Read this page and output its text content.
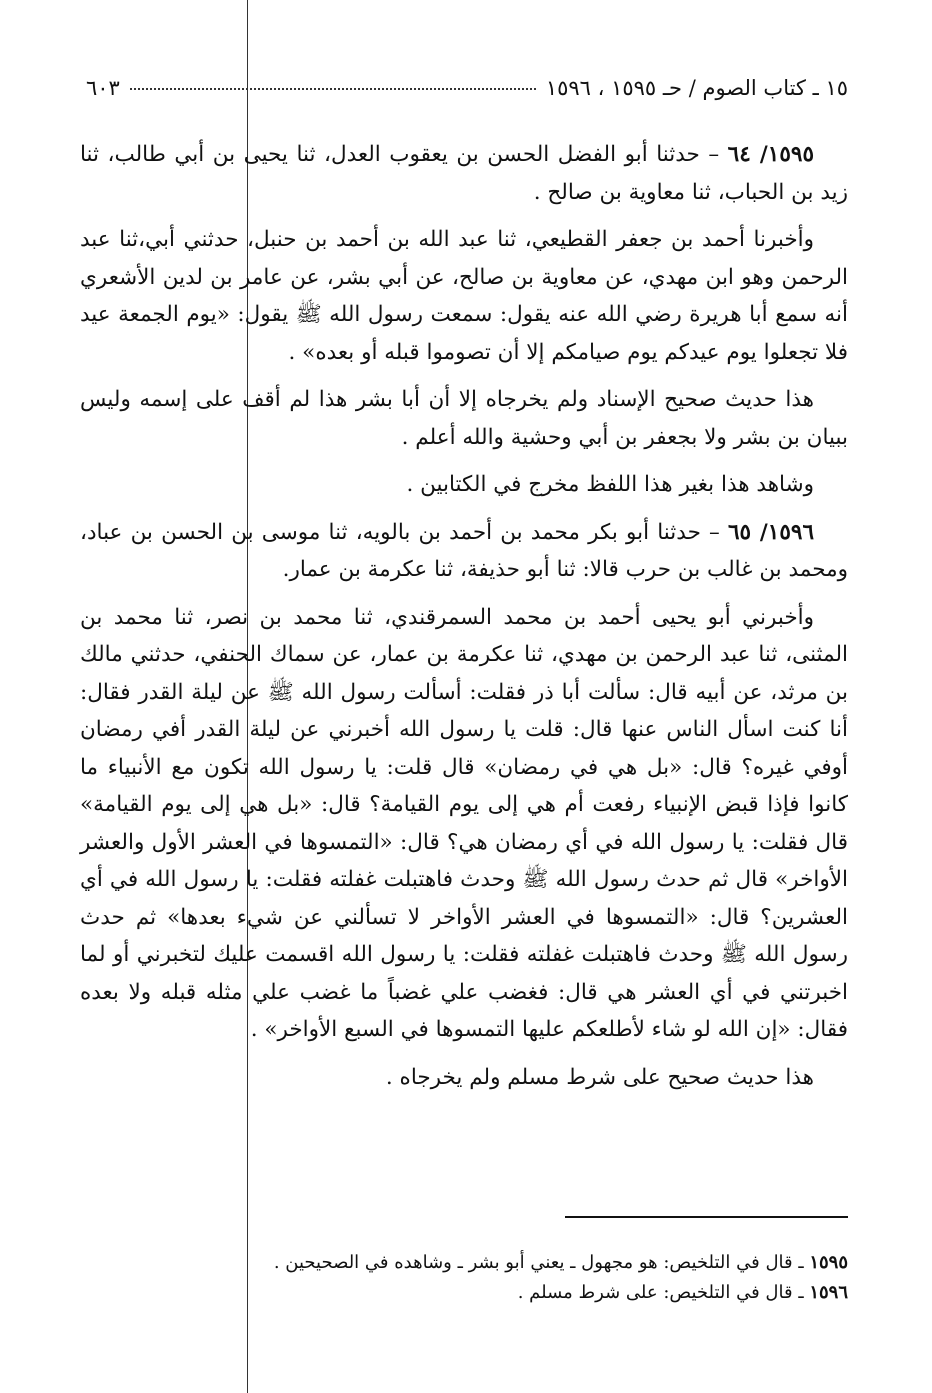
١٥ ـ كتاب الصوم / حـ ١٥٩٥ ، ١٥٩٦
٦٠٣

١٥٩٥/ ٦٤ – حدثنا أبو الفضل الحسن بن يعقوب العدل، ثنا يحيى بن أبي طالب، ثنا زيد بن الحباب، ثنا معاوية بن صالح .

وأخبرنا أحمد بن جعفر القطيعي، ثنا عبد الله بن أحمد بن حنبل، حدثني أبي،ثنا عبد الرحمن وهو ابن مهدي، عن معاوية بن صالح، عن أبي بشر، عن عامر بن لدين الأشعري أنه سمع أبا هريرة رضي الله عنه يقول: سمعت رسول الله ﷺ يقول: «يوم الجمعة عيد فلا تجعلوا يوم عيدكم يوم صيامكم إلا أن تصوموا قبله أو بعده» .

هذا حديث صحيح الإسناد ولم يخرجاه إلا أن أبا بشر هذا لم أقف على إسمه وليس ببيان بن بشر ولا بجعفر بن أبي وحشية والله أعلم .

وشاهد هذا بغير هذا اللفظ مخرج في الكتابين .

١٥٩٦/ ٦٥ – حدثنا أبو بكر محمد بن أحمد بن بالويه، ثنا موسى بن الحسن بن عباد، ومحمد بن غالب بن حرب قالا: ثنا أبو حذيفة، ثنا عكرمة بن عمار.

وأخبرني أبو يحيى أحمد بن محمد السمرقندي، ثنا محمد بن نصر، ثنا محمد بن المثنى، ثنا عبد الرحمن بن مهدي، ثنا عكرمة بن عمار، عن سماك الحنفي، حدثني مالك بن مرثد، عن أبيه قال: سألت أبا ذر فقلت: أسألت رسول الله ﷺ عن ليلة القدر فقال: أنا كنت اسأل الناس عنها قال: قلت يا رسول الله أخبرني عن ليلة القدر أفي رمضان أوفي غيره؟ قال: «بل هي في رمضان» قال قلت: يا رسول الله تكون مع الأنبياء ما كانوا فإذا قبض الإنبياء رفعت أم هي إلى يوم القيامة؟ قال: «بل هي إلى يوم القيامة» قال فقلت: يا رسول الله في أي رمضان هي؟ قال: «التمسوها في العشر الأول والعشر الأواخر» قال ثم حدث رسول الله ﷺ وحدث فاهتبلت غفلته فقلت: يا رسول الله في أي العشرين؟ قال: «التمسوها في العشر الأواخر لا تسألني عن شيء بعدها» ثم حدث رسول الله ﷺ وحدث فاهتبلت غفلته فقلت: يا رسول الله اقسمت عليك لتخبرني أو لما اخبرتني في أي العشر هي قال: فغضب علي غضباً ما غضب علي مثله قبله ولا بعده فقال: «إن الله لو شاء لأطلعكم عليها التمسوها في السبع الأواخر» .

هذا حديث صحيح على شرط مسلم ولم يخرجاه .

١٥٩٥ ـ قال في التلخيص: هو مجهول ـ يعني أبو بشر ـ وشاهده في الصحيحين .
١٥٩٦ ـ قال في التلخيص: على شرط مسلم .
